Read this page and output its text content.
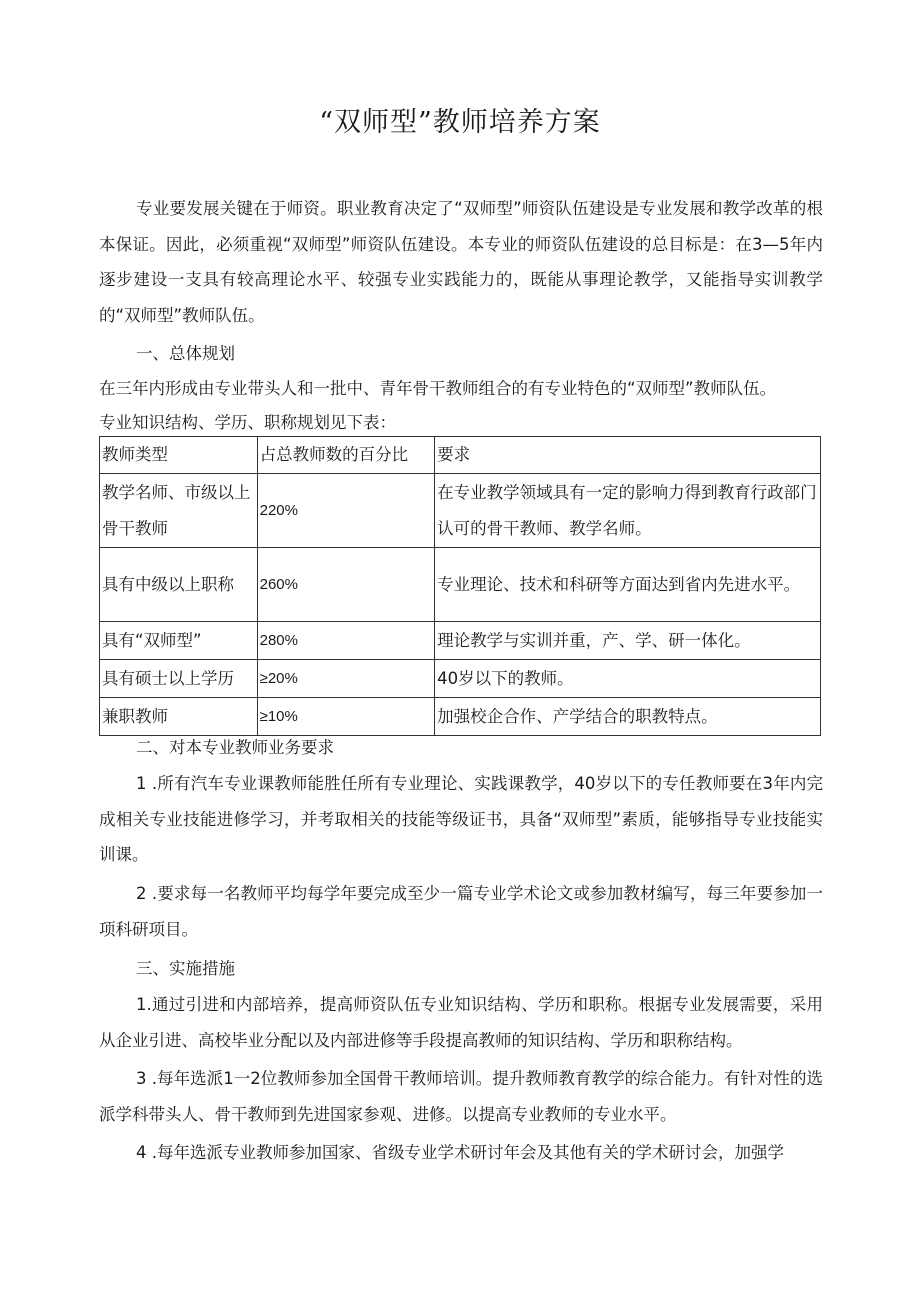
“双师型”教师培养方案
专业要发展关键在于师资。职业教育决定了“双师型”师资队伍建设是专业发展和教学改革的根本保证。因此，必须重视“双师型”师资队伍建设。本专业的师资队伍建设的总目标是：在3—5年内逐步建设一支具有较高理论水平、较强专业实践能力的，既能从事理论教学，又能指导实训教学的“双师型”教师队伍。
一、总体规划
在三年内形成由专业带头人和一批中、青年骨干教师组合的有专业特色的“双师型”教师队伍。
专业知识结构、学历、职称规划见下表：
教师类型	占总教师数的百分比	要求
教学名师、市级以上骨干教师	220%	在专业教学领域具有一定的影响力得到教育行政部门认可的骨干教师、教学名师。
具有中级以上职称	260%	专业理论、技术和科研等方面达到省内先进水平。
具有“双师型”	280%	理论教学与实训并重，产、学、研一体化。
具有硕士以上学历	≥20%	40岁以下的教师。
兼职教师	≥10%	加强校企合作、产学结合的职教特点。
二、对本专业教师业务要求
1 .所有汽车专业课教师能胜任所有专业理论、实践课教学，40岁以下的专任教师要在3年内完成相关专业技能进修学习，并考取相关的技能等级证书，具备“双师型”素质，能够指导专业技能实训课。
2 .要求每一名教师平均每学年要完成至少一篇专业学术论文或参加教材编写，每三年要参加一项科研项目。
三、实施措施
1.通过引进和内部培养，提高师资队伍专业知识结构、学历和职称。根据专业发展需要，采用从企业引进、高校毕业分配以及内部进修等手段提高教师的知识结构、学历和职称结构。
3 .每年选派1一2位教师参加全国骨干教师培训。提升教师教育教学的综合能力。有针对性的选派学科带头人、骨干教师到先进国家参观、进修。以提高专业教师的专业水平。
4 .每年选派专业教师参加国家、省级专业学术研讨年会及其他有关的学术研讨会，加强学
